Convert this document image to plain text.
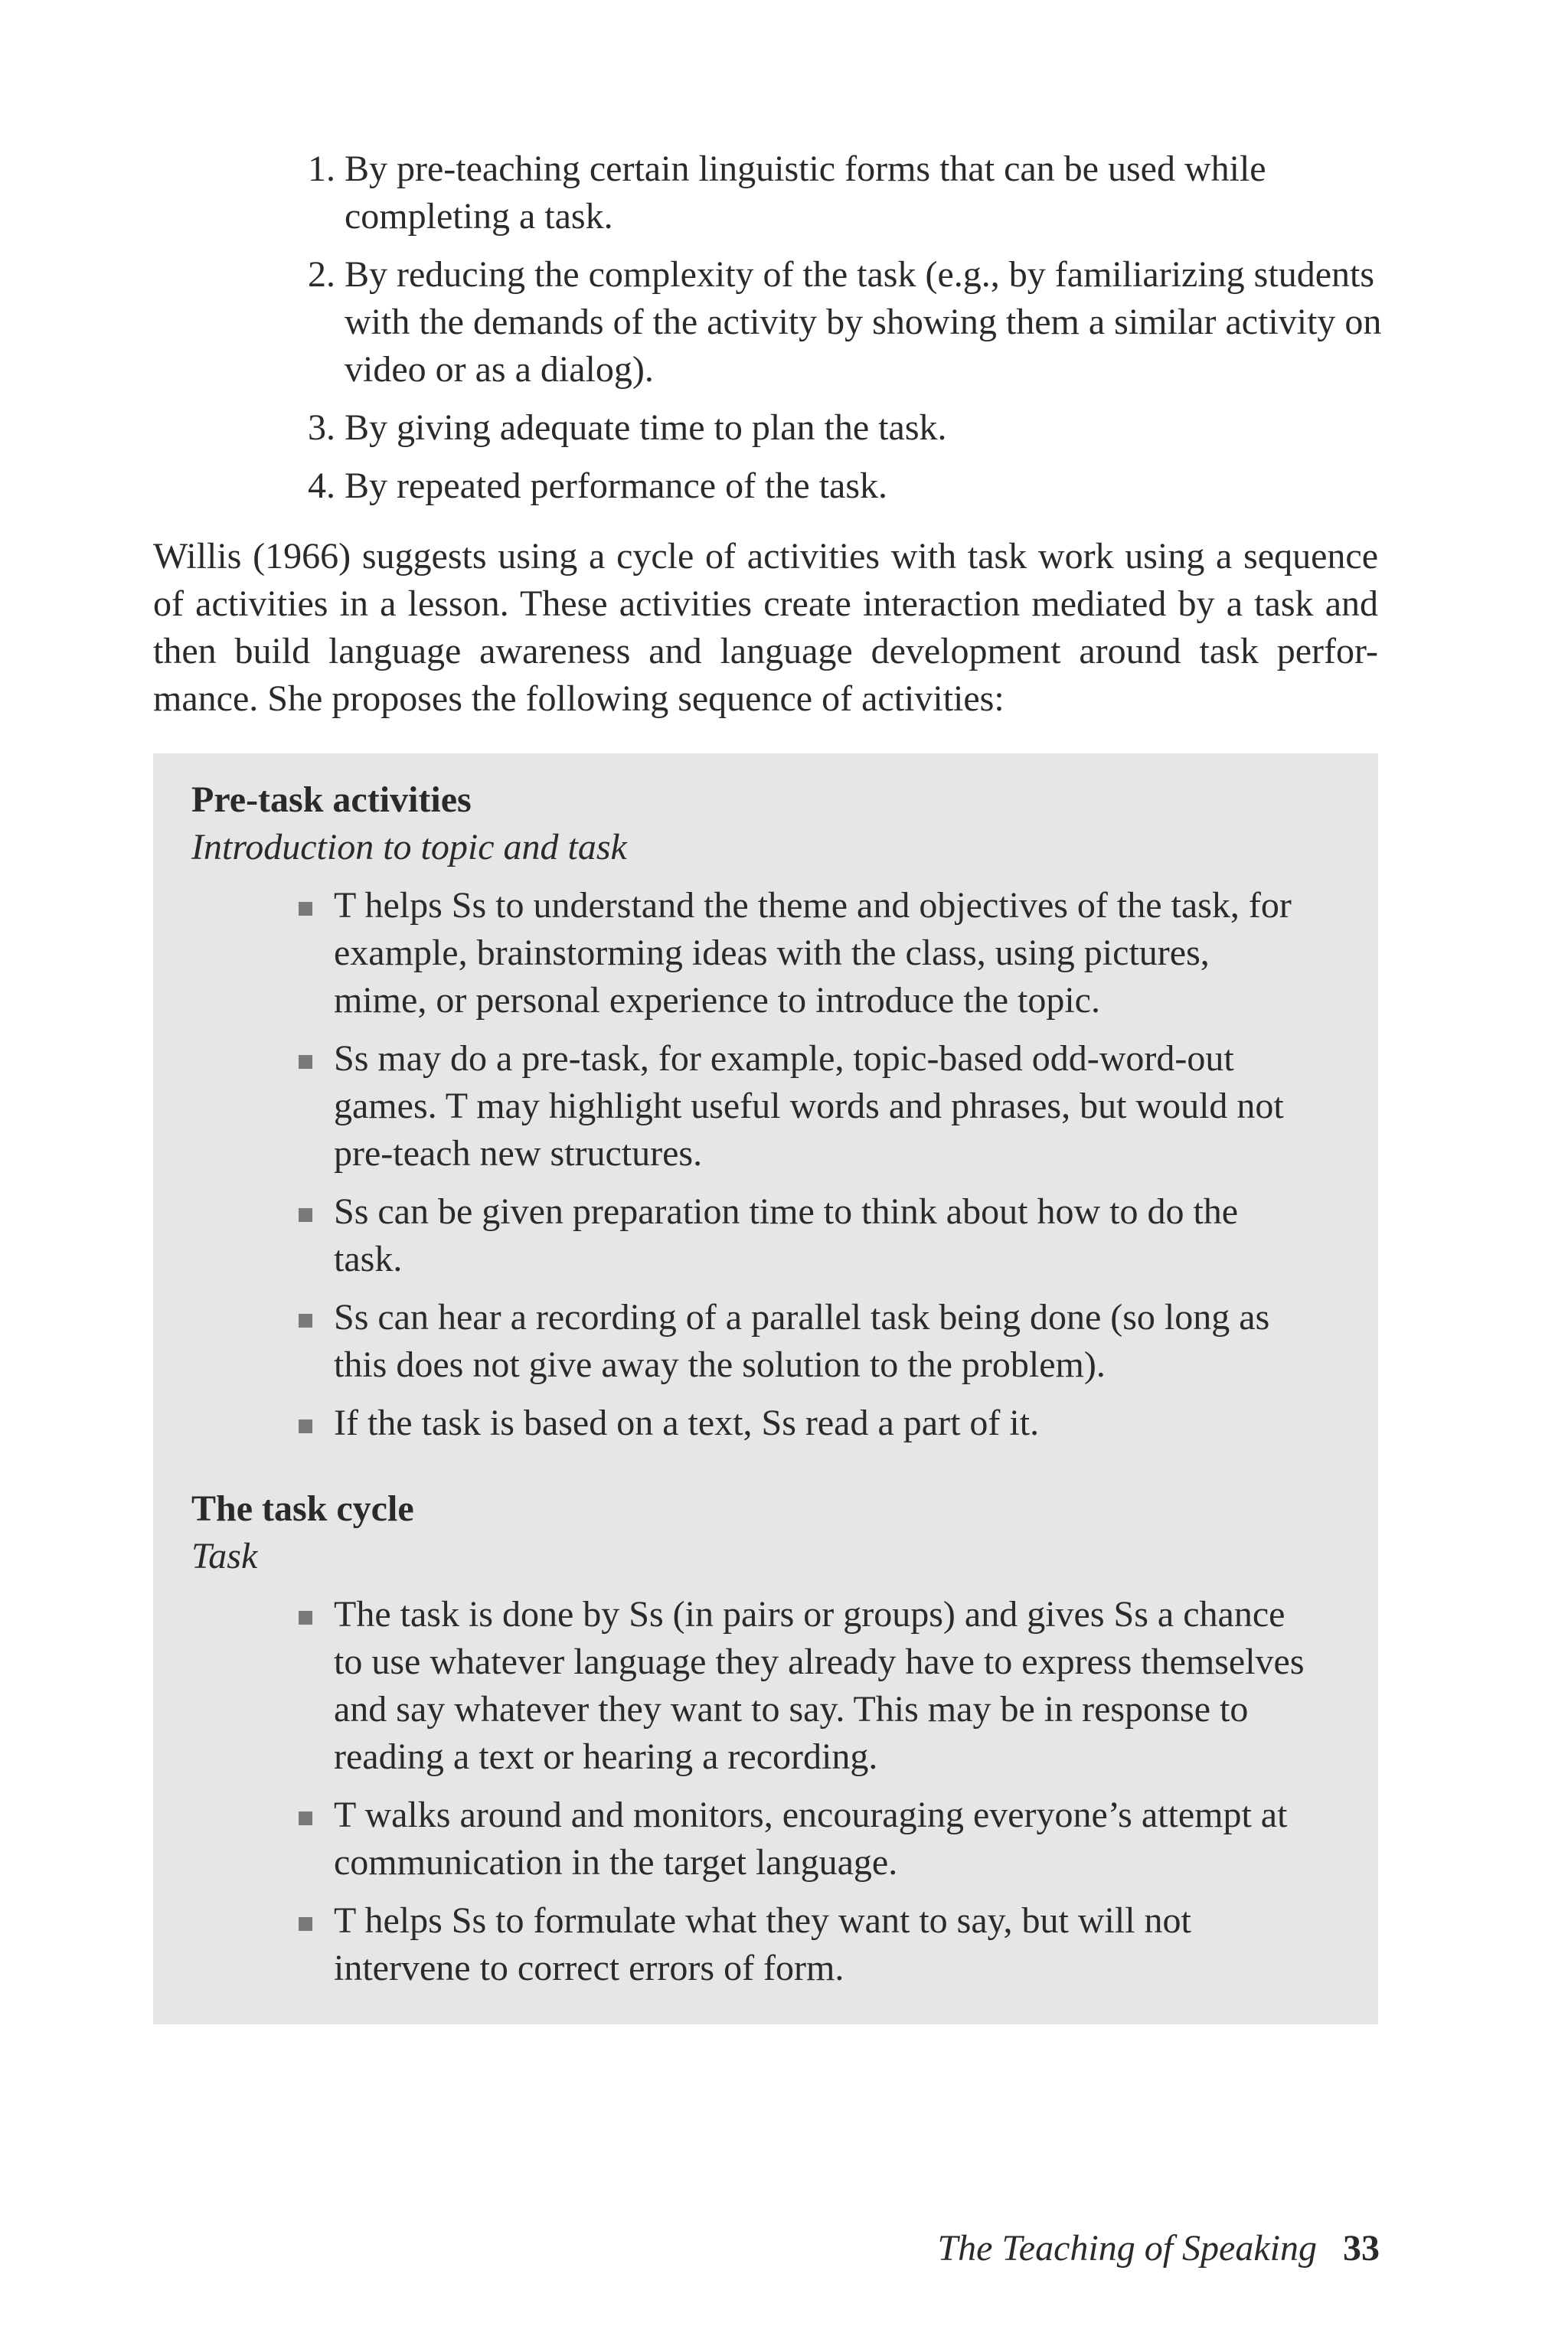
1. By pre-teaching certain linguistic forms that can be used while completing a task.
2. By reducing the complexity of the task (e.g., by familiarizing students with the demands of the activity by showing them a similar activity on video or as a dialog).
3. By giving adequate time to plan the task.
4. By repeated performance of the task.
Willis (1966) suggests using a cycle of activities with task work using a sequence of activities in a lesson. These activities create interaction mediated by a task and then build language awareness and language development around task perfor-mance. She proposes the following sequence of activities:
Pre-task activities
Introduction to topic and task
T helps Ss to understand the theme and objectives of the task, for example, brainstorming ideas with the class, using pictures, mime, or personal experience to introduce the topic.
Ss may do a pre-task, for example, topic-based odd-word-out games. T may highlight useful words and phrases, but would not pre-teach new structures.
Ss can be given preparation time to think about how to do the task.
Ss can hear a recording of a parallel task being done (so long as this does not give away the solution to the problem).
If the task is based on a text, Ss read a part of it.
The task cycle
Task
The task is done by Ss (in pairs or groups) and gives Ss a chance to use whatever language they already have to express themselves and say whatever they want to say. This may be in response to reading a text or hearing a recording.
T walks around and monitors, encouraging everyone’s attempt at communication in the target language.
T helps Ss to formulate what they want to say, but will not intervene to correct errors of form.
The Teaching of Speaking 33
